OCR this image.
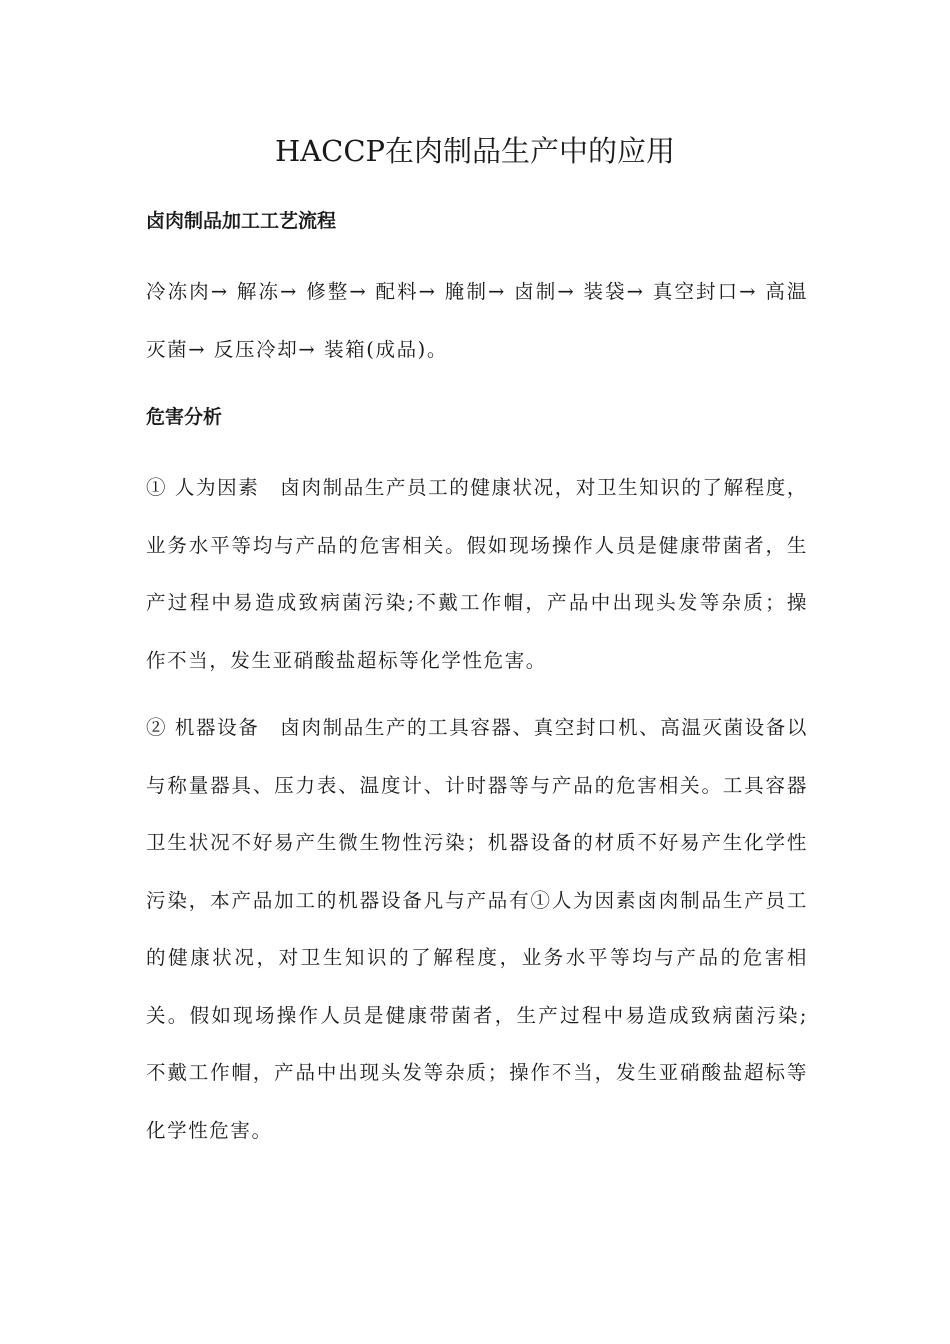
HACCP在肉制品生产中的应用
卤肉制品加工工艺流程

冷冻肉→ 解冻→ 修整→ 配料→ 腌制→ 卤制→ 装袋→ 真空封口→ 高温灭菌→ 反压冷却→ 装箱(成品)。

危害分析

① 人为因素　卤肉制品生产员工的健康状况，对卫生知识的了解程度，业务水平等均与产品的危害相关。假如现场操作人员是健康带菌者，生产过程中易造成致病菌污染;不戴工作帽，产品中出现头发等杂质；操作不当，发生亚硝酸盐超标等化学性危害。

② 机器设备　卤肉制品生产的工具容器、真空封口机、高温灭菌设备以与称量器具、压力表、温度计、计时器等与产品的危害相关。工具容器卫生状况不好易产生微生物性污染；机器设备的材质不好易产生化学性污染，本产品加工的机器设备凡与产品有①人为因素卤肉制品生产员工的健康状况，对卫生知识的了解程度，业务水平等均与产品的危害相关。假如现场操作人员是健康带菌者，生产过程中易造成致病菌污染;不戴工作帽，产品中出现头发等杂质；操作不当，发生亚硝酸盐超标等化学性危害。
